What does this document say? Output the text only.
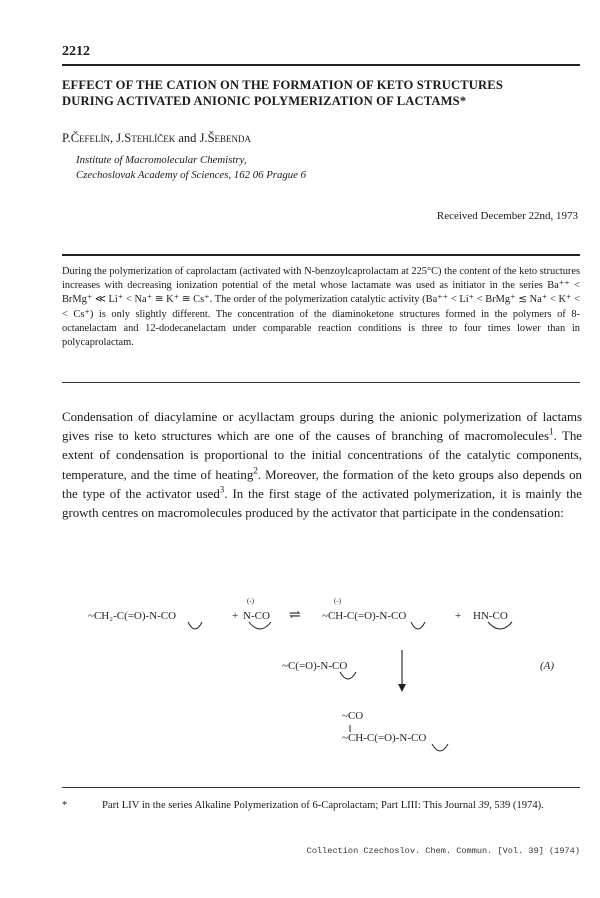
2212
EFFECT OF THE CATION ON THE FORMATION OF KETO STRUCTURES
DURING ACTIVATED ANIONIC POLYMERIZATION OF LACTAMS*
P.Čefelín, J.Stehlíček and J.Šebenda
Institute of Macromolecular Chemistry,
Czechoslovak Academy of Sciences, 162 06 Prague 6
Received December 22nd, 1973
During the polymerization of caprolactam (activated with N-benzoylcaprolactam at 225°C) the content of the keto structures increases with decreasing ionization potential of the metal whose lactamate was used as initiator in the series Ba⁺⁺ < BrMg⁺ ≪ Li⁺ < Na⁺ ≅ K⁺ ≅ Cs⁺. The order of the polymerization catalytic activity (Ba⁺⁺ < Li⁺ < BrMg⁺ ≲ Na⁺ < K⁺ < < Cs⁺) is only slightly different. The concentration of the diaminoketone structures formed in the polymers of 8-octanelactam and 12-dodecanelactam under comparable reaction conditions is three to four times lower than in polycaprolactam.
Condensation of diacylamine or acyllactam groups during the anionic polymerization of lactams gives rise to keto structures which are one of the causes of branching of macromolecules$^1$. The extent of condensation is proportional to the initial concentrations of the catalytic components, temperature, and the time of heating$^2$. Moreover, the formation of the keto groups also depends on the type of the activator used$^3$. In the first stage of the activated polymerization, it is mainly the growth centres on macromolecules produced by the activator that participate in the condensation:
~CH₂-C(=O)-N-CO	+
(-)
N-CO ⇌
(-)
~CH-C(=O)-N-CO	+ HN-CO
~C(=O)-N-CO	(A)
~CO
~CH-C(=O)-N-CO
*	Part LIV in the series Alkaline Polymerization of 6-Caprolactam; Part LIII: This Journal 39, 539 (1974).
Collection Czechoslov. Chem. Commun. [Vol. 39] (1974)
